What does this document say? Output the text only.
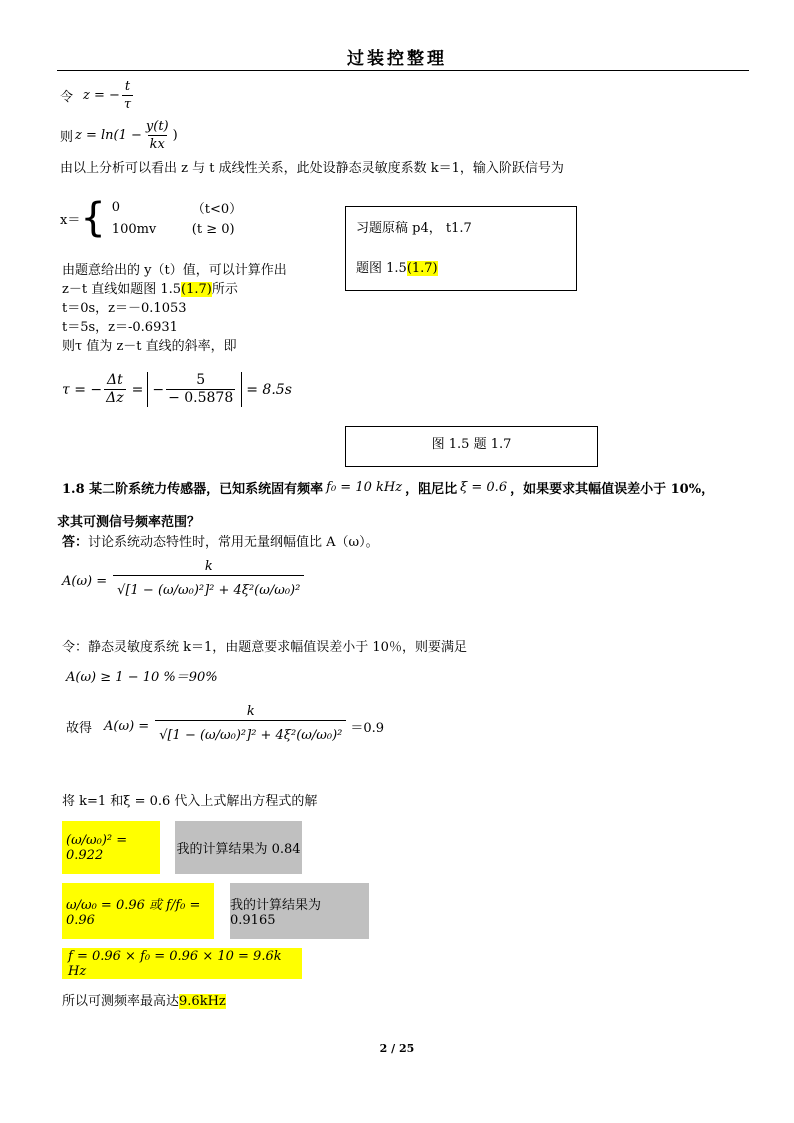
过装控整理
令 z = − $\frac{t}{\tau}$
则 $z = \ln(1 - \frac{y(t)}{kx}$ )
由以上分析可以看出 z 与 t 成线性关系，此处设静态灵敏度系数 k＝1，输入阶跃信号为
x＝ { 0	（t<0）
100mv	(t ≥ 0)	习题原稿 p4， t1.7
题图 1.5(1.7)
由题意给出的 y（t）值，可以计算作出
z－t 直线如题图 1.5(1.7)所示
t＝0s，z＝－0.1053
t＝5s，z＝-0.6931
则τ 值为 z－t 直线的斜率，即
τ = − $\frac{\Delta t}{\Delta z}$ = − $\frac{5}{- 0.5878} = 8.5s$
图 1.5 题 1.7
1.8 某二阶系统力传感器，已知系统固有频率 f₀ = 10 kHz ，阻尼比 ξ = 0.6 ，如果要求其幅值误差小于 10%，
求其可测信号频率范围？
答：讨论系统动态特性时，常用无量纲幅值比 A（ω）。
$A(\omega) = \frac{k}{\text{√[1 − (ω/ω₀)²]² + 4ξ²(ω/ω₀)²}}$
令：静态灵敏度系统 k＝1，由题意要求幅值误差小于 10％，则要满足
A(ω) ≥ 1 − 10 %＝90%
故得 $A(\omega) = \frac{k}{\text{√[1 − (ω/ω₀)²]² + 4ξ²(ω/ω₀)²}} =0.9$
将 k=1 和ξ = 0.6 代入上式解出方程式的解
(ω/ω₀)² = 0.922	我的计算结果为 0.84
ω/ω₀ = 0.96 或 f/f₀ = 0.96
我的计算结果为 0.9165
f = 0.96 × f₀ = 0.96 × 10 = 9.6k Hz
所以可测频率最高达9.6kHz
2 / 25
